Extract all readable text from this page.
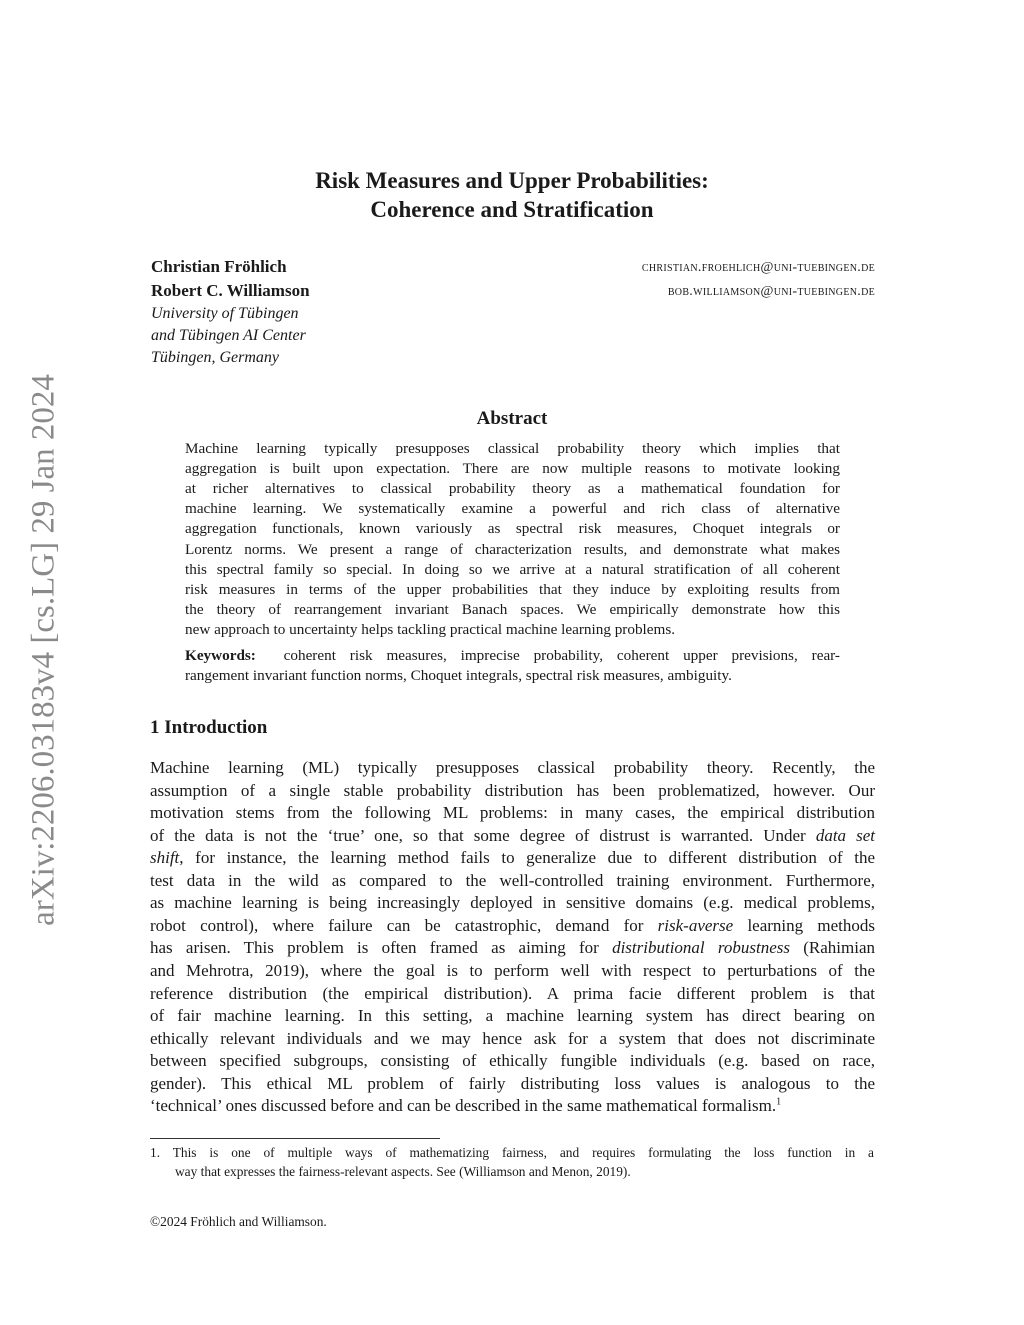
arXiv:2206.03183v4 [cs.LG] 29 Jan 2024
Risk Measures and Upper Probabilities:
Coherence and Stratification
Christian Fröhlich	christian.froehlich@uni-tuebingen.de
Robert C. Williamson	bob.williamson@uni-tuebingen.de
University of Tübingen
and Tübingen AI Center
Tübingen, Germany
Abstract
Machine learning typically presupposes classical probability theory which implies that
aggregation is built upon expectation. There are now multiple reasons to motivate looking
at richer alternatives to classical probability theory as a mathematical foundation for
machine learning. We systematically examine a powerful and rich class of alternative
aggregation functionals, known variously as spectral risk measures, Choquet integrals or
Lorentz norms. We present a range of characterization results, and demonstrate what makes
this spectral family so special. In doing so we arrive at a natural stratification of all coherent
risk measures in terms of the upper probabilities that they induce by exploiting results from
the theory of rearrangement invariant Banach spaces. We empirically demonstrate how this
new approach to uncertainty helps tackling practical machine learning problems.
Keywords: coherent risk measures, imprecise probability, coherent upper previsions, rear-
rangement invariant function norms, Choquet integrals, spectral risk measures, ambiguity.
1 Introduction
Machine learning (ML) typically presupposes classical probability theory. Recently, the
assumption of a single stable probability distribution has been problematized, however. Our
motivation stems from the following ML problems: in many cases, the empirical distribution
of the data is not the ‘true’ one, so that some degree of distrust is warranted. Under data set
shift, for instance, the learning method fails to generalize due to different distribution of the
test data in the wild as compared to the well-controlled training environment. Furthermore,
as machine learning is being increasingly deployed in sensitive domains (e.g. medical problems,
robot control), where failure can be catastrophic, demand for risk-averse learning methods
has arisen. This problem is often framed as aiming for distributional robustness (Rahimian
and Mehrotra, 2019), where the goal is to perform well with respect to perturbations of the
reference distribution (the empirical distribution). A prima facie different problem is that
of fair machine learning. In this setting, a machine learning system has direct bearing on
ethically relevant individuals and we may hence ask for a system that does not discriminate
between specified subgroups, consisting of ethically fungible individuals (e.g. based on race,
gender). This ethical ML problem of fairly distributing loss values is analogous to the
‘technical’ ones discussed before and can be described in the same mathematical formalism.$^1$
1. This is one of multiple ways of mathematizing fairness, and requires formulating the loss function in a
way that expresses the fairness-relevant aspects. See (Williamson and Menon, 2019).
©2024 Fröhlich and Williamson.
